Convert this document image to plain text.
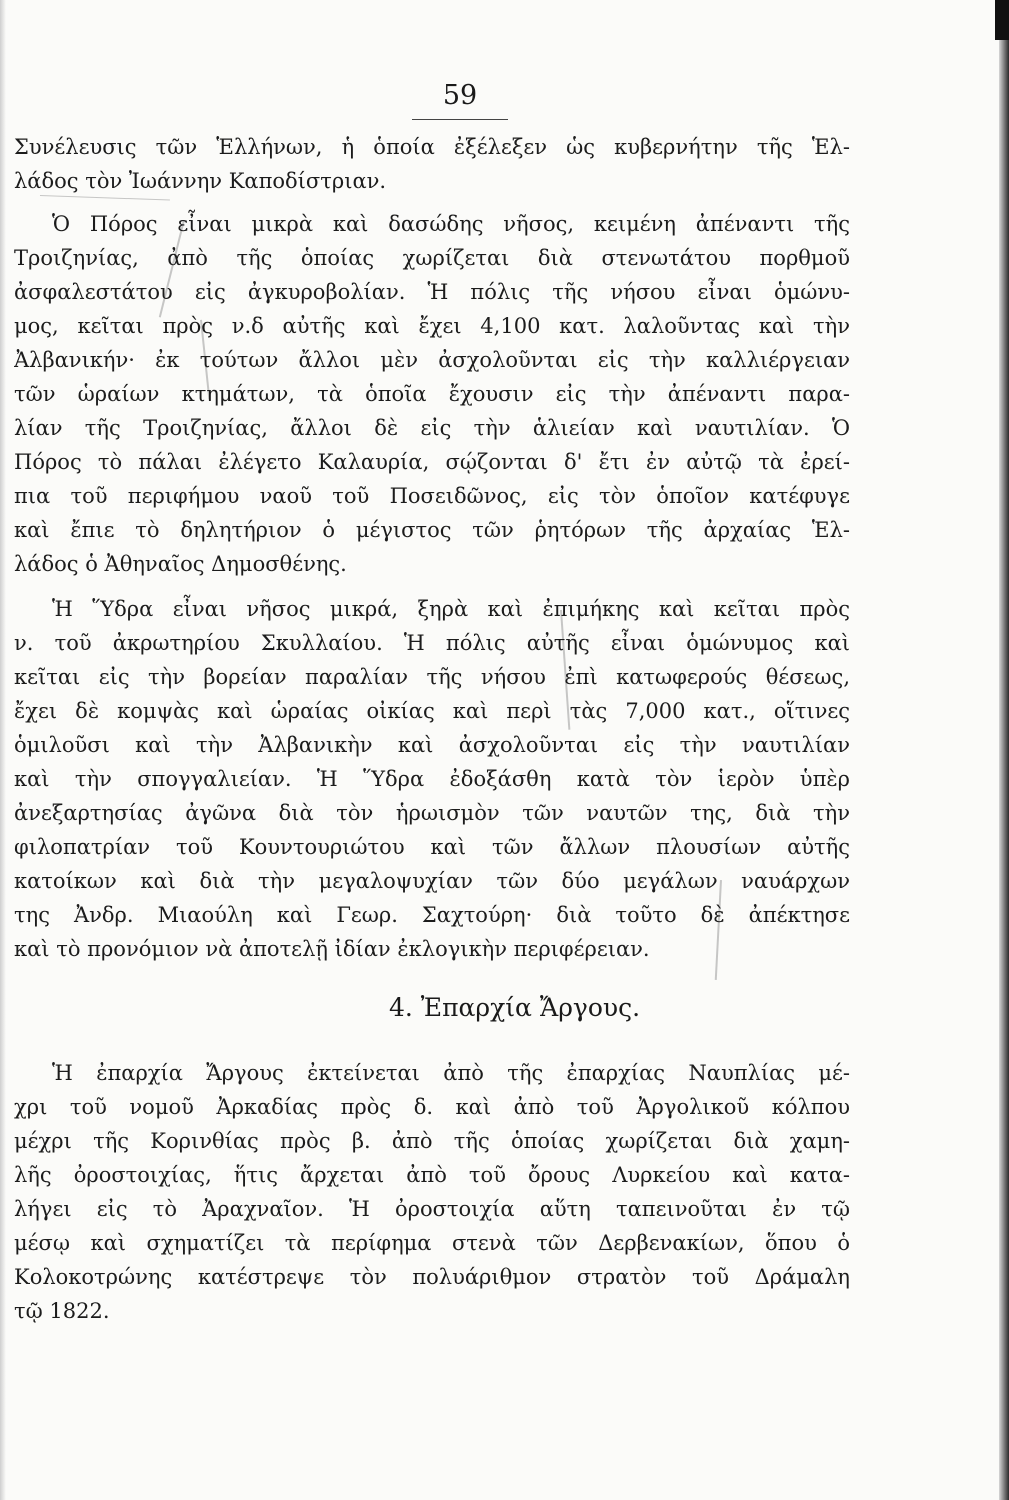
59
Συνέλευσις τῶν Ἑλλήνων, ἡ ὁποία ἐξέλεξεν ὡς κυβερνήτην τῆς Ἑλ-
λάδος τὸν Ἰωάννην Καποδίστριαν.
Ὁ Πόρος εἶναι μικρὰ καὶ δασώδης νῆσος, κειμένη ἀπέναντι τῆς
Τροιζηνίας, ἀπὸ τῆς ὁποίας χωρίζεται διὰ στενωτάτου πορθμοῦ
ἀσφαλεστάτου εἰς ἀγκυροβολίαν. Ἡ πόλις τῆς νήσου εἶναι ὁμώνυ-
μος, κεῖται πρὸς ν.δ αὐτῆς καὶ ἔχει 4,100 κατ. λαλοῦντας καὶ τὴν
Ἀλβανικήν· ἐκ τούτων ἄλλοι μὲν ἀσχολοῦνται εἰς τὴν καλλιέργειαν
τῶν ὡραίων κτημάτων, τὰ ὁποῖα ἔχουσιν εἰς τὴν ἀπέναντι παρα-
λίαν τῆς Τροιζηνίας, ἄλλοι δὲ εἰς τὴν ἁλιείαν καὶ ναυτιλίαν. Ὁ
Πόρος τὸ πάλαι ἐλέγετο Καλαυρία, σῴζονται δ' ἔτι ἐν αὐτῷ τὰ ἐρεί-
πια τοῦ περιφήμου ναοῦ τοῦ Ποσειδῶνος, εἰς τὸν ὁποῖον κατέφυγε
καὶ ἔπιε τὸ δηλητήριον ὁ μέγιστος τῶν ῥητόρων τῆς ἀρχαίας Ἑλ-
λάδος ὁ Ἀθηναῖος Δημοσθένης.
Ἡ Ὕδρα εἶναι νῆσος μικρά, ξηρὰ καὶ ἐπιμήκης καὶ κεῖται πρὸς
ν. τοῦ ἀκρωτηρίου Σκυλλαίου. Ἡ πόλις αὐτῆς εἶναι ὁμώνυμος καὶ
κεῖται εἰς τὴν βορείαν παραλίαν τῆς νήσου ἐπὶ κατωφερούς θέσεως,
ἔχει δὲ κομψὰς καὶ ὡραίας οἰκίας καὶ περὶ τὰς 7,000 κατ., οἵτινες
ὁμιλοῦσι καὶ τὴν Ἀλβανικὴν καὶ ἀσχολοῦνται εἰς τὴν ναυτιλίαν
καὶ τὴν σπογγαλιείαν. Ἡ Ὕδρα ἐδοξάσθη κατὰ τὸν ἱερὸν ὑπὲρ
ἀνεξαρτησίας ἀγῶνα διὰ τὸν ἡρωισμὸν τῶν ναυτῶν της, διὰ τὴν
φιλοπατρίαν τοῦ Κουντουριώτου καὶ τῶν ἄλλων πλουσίων αὐτῆς
κατοίκων καὶ διὰ τὴν μεγαλοψυχίαν τῶν δύο μεγάλων ναυάρχων
της Ἀνδρ. Μιαούλη καὶ Γεωρ. Σαχτούρη· διὰ τοῦτο δὲ ἀπέκτησε
καὶ τὸ προνόμιον νὰ ἀποτελῇ ἰδίαν ἐκλογικὴν περιφέρειαν.
4. Ἐπαρχία Ἄργους.
Ἡ ἐπαρχία Ἄργους ἐκτείνεται ἀπὸ τῆς ἐπαρχίας Ναυπλίας μέ-
χρι τοῦ νομοῦ Ἀρκαδίας πρὸς δ. καὶ ἀπὸ τοῦ Ἀργολικοῦ κόλπου
μέχρι τῆς Κορινθίας πρὸς β. ἀπὸ τῆς ὁποίας χωρίζεται διὰ χαμη-
λῆς ὀροστοιχίας, ἥτις ἄρχεται ἀπὸ τοῦ ὄρους Λυρκείου καὶ κατα-
λήγει εἰς τὸ Ἀραχναῖον. Ἡ ὀροστοιχία αὕτη ταπεινοῦται ἐν τῷ
μέσῳ καὶ σχηματίζει τὰ περίφημα στενὰ τῶν Δερβενακίων, ὅπου ὁ
Κολοκοτρώνης κατέστρεψε τὸν πολυάριθμον στρατὸν τοῦ Δράμαλη
τῷ 1822.
